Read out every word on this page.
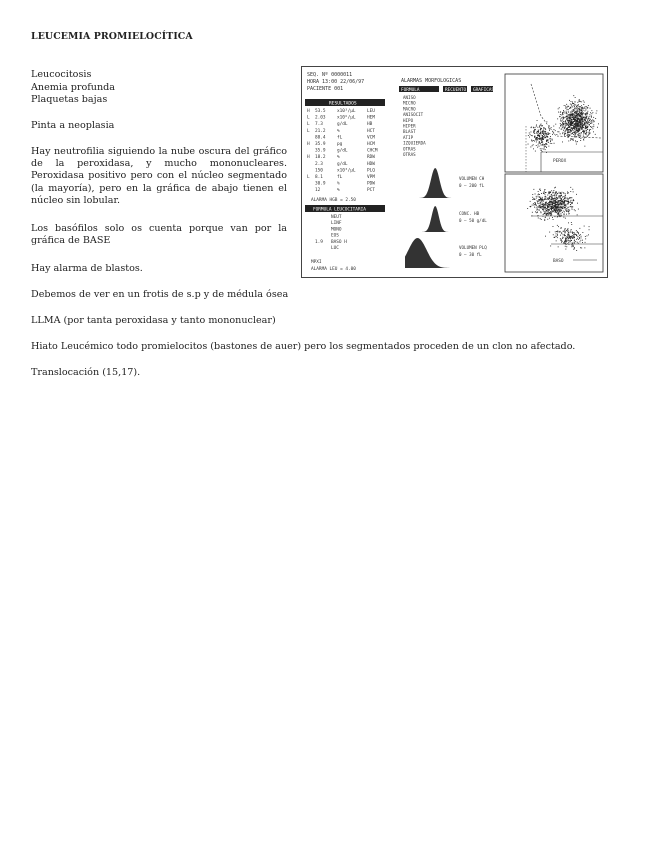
LEUCEMIA PROMIELOCÍTICA

Leucocitosis

Anemia profunda

Plaquetas bajas

Pinta a neoplasia

Hay neutrofilia siguiendo la nube oscura del gráfico de la peroxidasa, y mucho mononucleares. Peroxidasa positivo pero con el núcleo segmentado (la mayoría), pero en la gráfica de abajo tienen el núcleo sin lobular.

Los basófilos solo os cuenta porque van por la gráfica de BASE

Hay alarma de blastos.

Debemos de ver en un frotis de s.p y de médula ósea

LLMA (por tanta peroxidasa y tanto mononuclear)

Hiato Leucémico todo promielocitos (bastones de auer) pero los segmentados proceden de un clon no afectado.

Translocación (15,17).

SEQ. Nº 0000011
HORA 13:00 22/06/97
PACIENTE 001
ALARMAS MORFOLOGICAS
FORMULA	RECUENTO GRAFICAS
ANISO
MICRO
MACRO
ANISOCIT
HIPO
HIPER
BLAST
ATIP
IZQUIERDA
OTRAS
OTRAS
RESULTADOS
H 53.5	x10³/µL	LEU
L 2.03	x10⁶/µL	HEM
L 7.3	g/dL	HB
L 21.2	%	HCT
88.4	fL	VCM
H 35.9	pg	HCM
35.9	g/dL	CHCM
H 18.2	%	RDW
2.3	g/dL	HDW
150	x10³/µL	PLQ
L 8.1	fL	VPM
30.9	%	PDW
12	%	PCT
ALARMA HGB = 2.50
FORMULA LEUCOCITARIA
NEUT
LINF
MONO
EOS
1.9 BASO H
LUC
MPXI
ALARMA LEU = 4.00
PEROX
BASO
VOLUMEN CH
0 — 200 fL
CONC. HB
0 — 50 g/dL
VOLUMEN PLQ
0 — 30 fL
